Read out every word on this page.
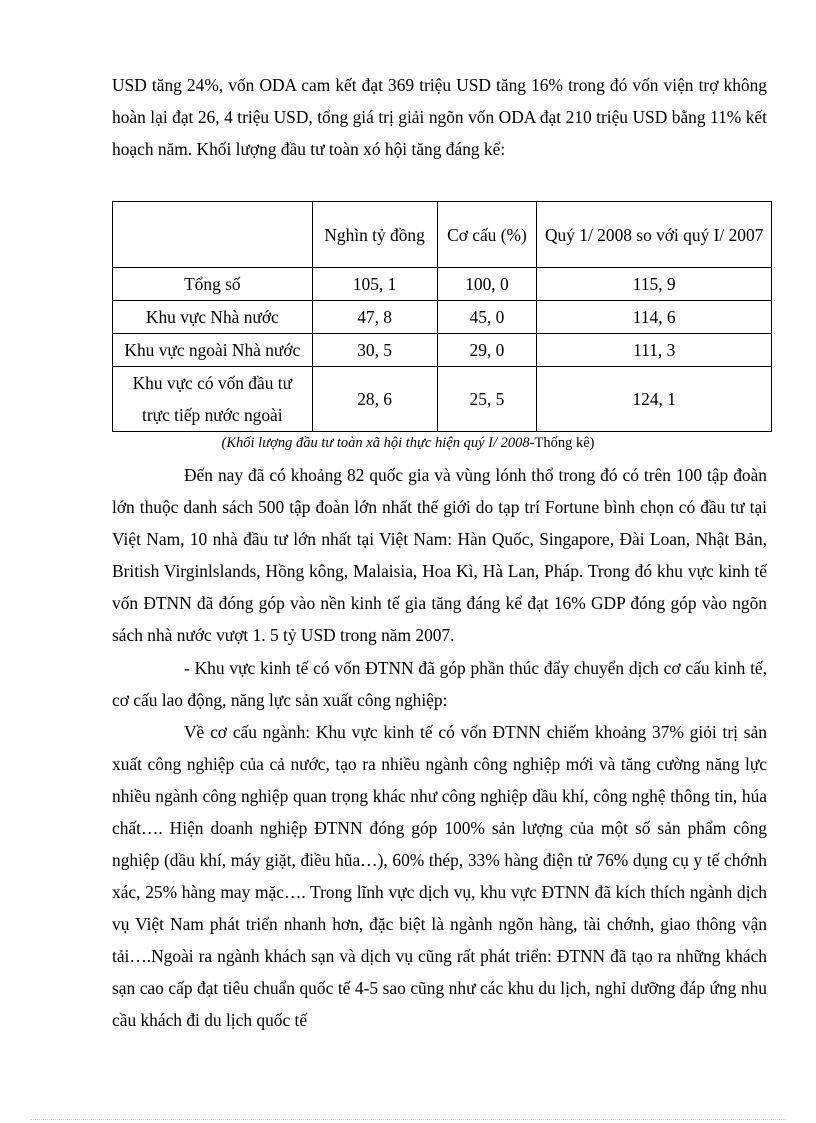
USD tăng 24%, vốn ODA cam kết đạt 369 triệu USD tăng 16% trong đó vốn viện trợ không hoàn lại đạt 26, 4 triệu USD, tổng giá trị giải ngõn vốn ODA đạt 210 triệu USD bằng 11% kết hoạch năm. Khối lượng đầu tư toàn xó hội tăng đáng kể:

	Nghìn tỷ đồng	Cơ cấu (%)	Quý 1/ 2008 so với quý I/ 2007
Tổng số	105, 1	100, 0	115, 9
Khu vực Nhà nước	47, 8	45, 0	114, 6
Khu vực ngoài Nhà nước	30, 5	29, 0	111, 3
Khu vực có vốn đầu tư trực tiếp nước ngoài	28, 6	25, 5	124, 1
(Khối lượng đầu tư toàn xã hội thực hiện quý I/ 2008-Thống kê)

Đến nay đã có khoảng 82 quốc gia và vùng lónh thổ trong đó có trên 100 tập đoàn lớn thuộc danh sách 500 tập đoàn lớn nhất thế giới do tạp trí Fortune bình chọn có đầu tư tại Việt Nam, 10 nhà đầu tư lớn nhất tại Việt Nam: Hàn Quốc, Singapore, Đài Loan, Nhật Bản, British Virginlslands, Hồng kông, Malaisia, Hoa Kì, Hà Lan, Pháp. Trong đó khu vực kinh tế vốn ĐTNN đã đóng góp vào nền kinh tế gia tăng đáng kể đạt 16% GDP đóng góp vào ngõn sách nhà nước vượt 1. 5 tỷ USD trong năm 2007.

- Khu vực kinh tế có vốn ĐTNN đã góp phần thúc đẩy chuyển dịch cơ cấu kinh tế, cơ cấu lao động, năng lực sản xuất công nghiệp:

Về cơ cấu ngành: Khu vực kinh tế có vốn ĐTNN chiếm khoảng 37% giỏi trị sản xuất công nghiệp của cả nước, tạo ra nhiều ngành công nghiệp mới và tăng cường năng lực nhiều ngành công nghiệp quan trọng khác như công nghiệp dầu khí, công nghệ thông tin, húa chất…. Hiện doanh nghiệp ĐTNN đóng góp 100% sản lượng của một số sản phẩm công nghiệp (dầu khí, máy giặt, điều hũa…), 60% thép, 33% hàng điện tử 76% dụng cụ y tế chớnh xác, 25% hàng may mặc…. Trong lĩnh vực dịch vụ, khu vực ĐTNN đã kích thích ngành dịch vụ Việt Nam phát triển nhanh hơn, đặc biệt là ngành ngõn hàng, tài chớnh, giao thông vận tải….Ngoài ra ngành khách sạn và dịch vụ cũng rất phát triển: ĐTNN đã tạo ra những khách sạn cao cấp đạt tiêu chuẩn quốc tế 4-5 sao cũng như các khu du lịch, nghỉ dưỡng đáp ứng nhu cầu khách đi du lịch quốc tế
